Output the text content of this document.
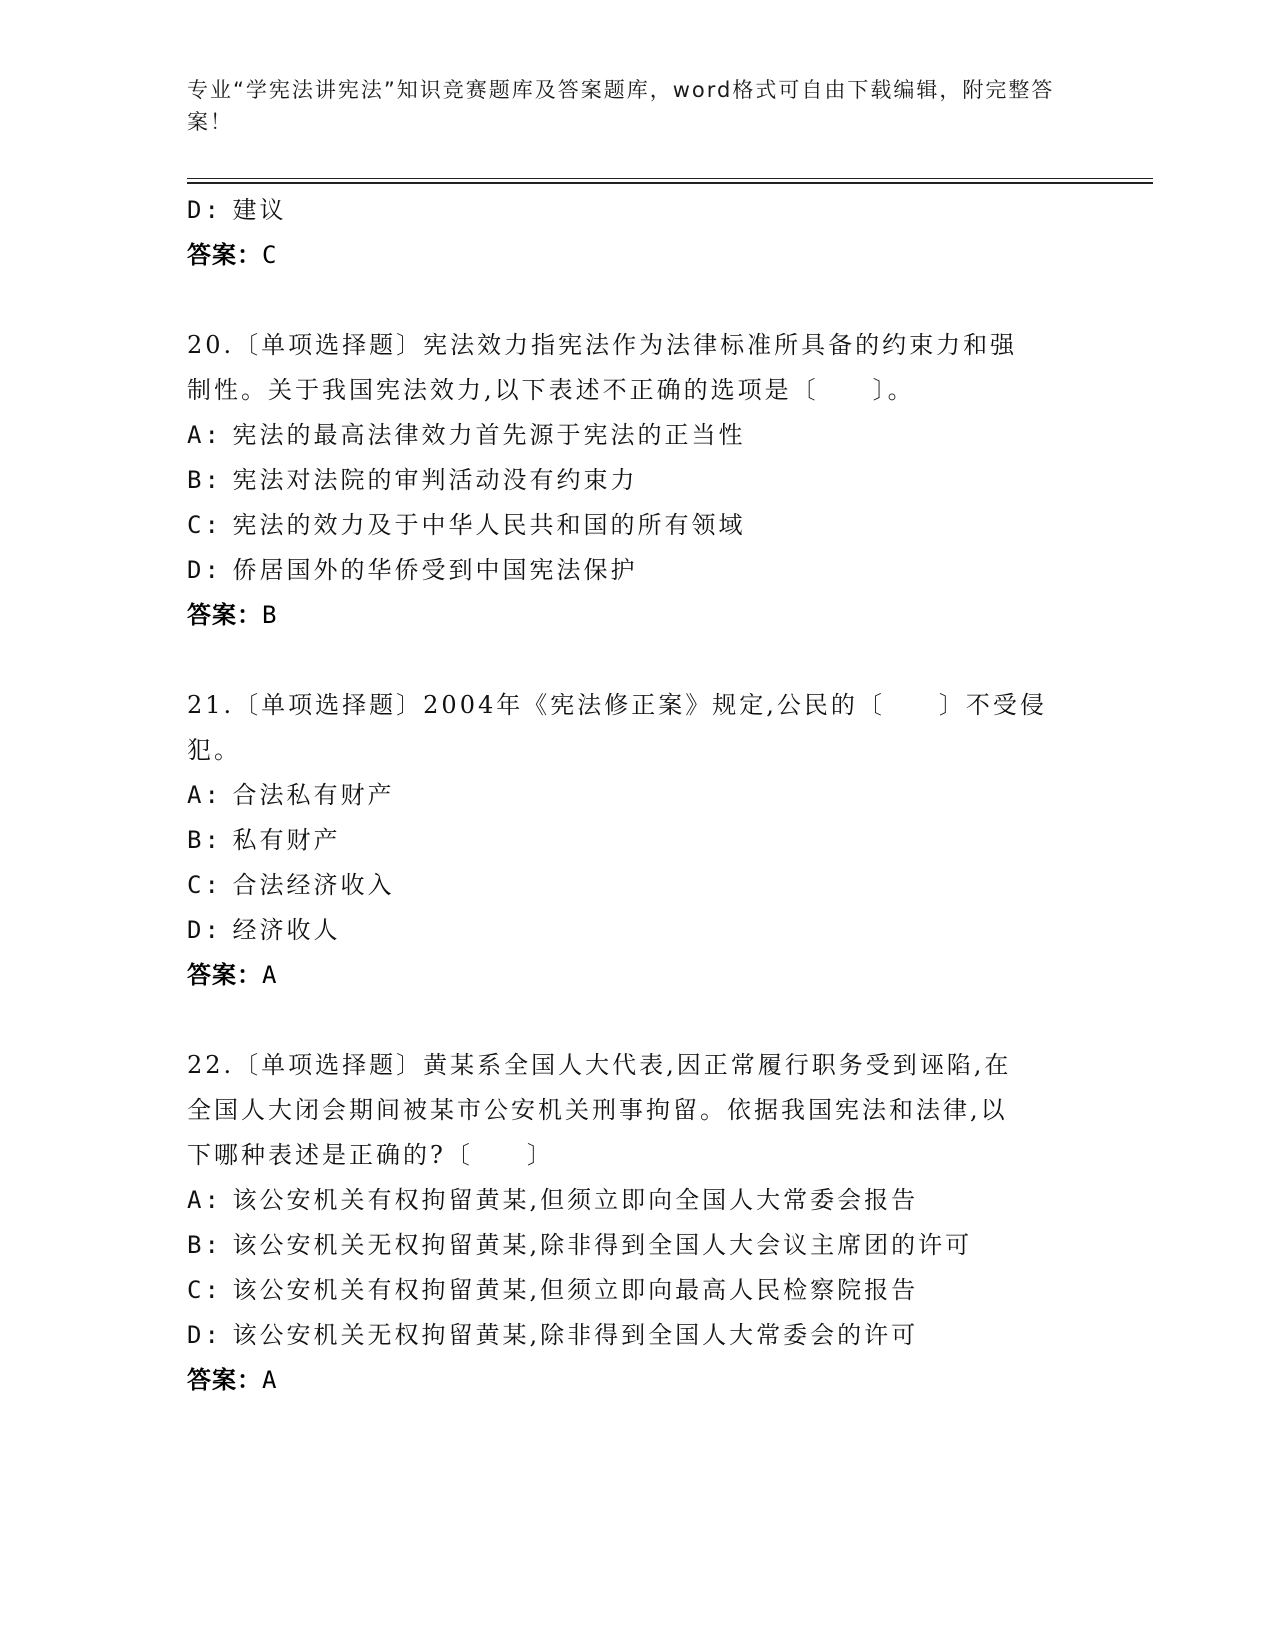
专业“学宪法讲宪法”知识竞赛题库及答案题库，word格式可自由下载编辑，附完整答案！
D: 建议
答案：C
20.〔单项选择题〕宪法效力指宪法作为法律标准所具备的约束力和强
制性。关于我国宪法效力,以下表述不正确的选项是〔　　〕。
A: 宪法的最高法律效力首先源于宪法的正当性
B: 宪法对法院的审判活动没有约束力
C: 宪法的效力及于中华人民共和国的所有领域
D: 侨居国外的华侨受到中国宪法保护
答案：B
21.〔单项选择题〕2004年《宪法修正案》规定,公民的〔　　〕不受侵
犯。
A: 合法私有财产
B: 私有财产
C: 合法经济收入
D: 经济收人
答案：A
22.〔单项选择题〕黄某系全国人大代表,因正常履行职务受到诬陷,在
全国人大闭会期间被某市公安机关刑事拘留。依据我国宪法和法律,以
下哪种表述是正确的?〔　　〕
A: 该公安机关有权拘留黄某,但须立即向全国人大常委会报告
B: 该公安机关无权拘留黄某,除非得到全国人大会议主席团的许可
C: 该公安机关有权拘留黄某,但须立即向最高人民检察院报告
D: 该公安机关无权拘留黄某,除非得到全国人大常委会的许可
答案：A
